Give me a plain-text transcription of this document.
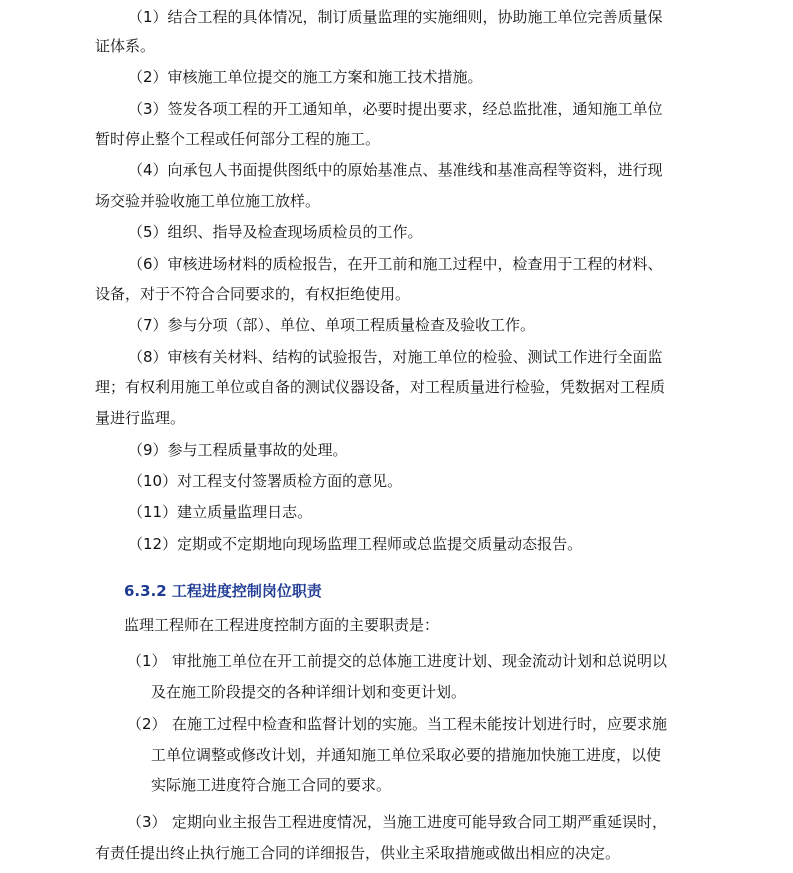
（1）结合工程的具体情况，制订质量监理的实施细则，协助施工单位完善质量保
证体系。
（2）审核施工单位提交的施工方案和施工技术措施。
（3）签发各项工程的开工通知单，必要时提出要求，经总监批准，通知施工单位
暂时停止整个工程或任何部分工程的施工。
（4）向承包人书面提供图纸中的原始基准点、基准线和基准高程等资料，进行现
场交验并验收施工单位施工放样。
（5）组织、指导及检查现场质检员的工作。
（6）审核进场材料的质检报告，在开工前和施工过程中，检查用于工程的材料、
设备，对于不符合合同要求的，有权拒绝使用。
（7）参与分项（部）、单位、单项工程质量检查及验收工作。
（8）审核有关材料、结构的试验报告，对施工单位的检验、测试工作进行全面监
理；有权利用施工单位或自备的测试仪器设备，对工程质量进行检验，凭数据对工程质
量进行监理。
（9）参与工程质量事故的处理。
（10）对工程支付签署质检方面的意见。
（11）建立质量监理日志。
（12）定期或不定期地向现场监理工程师或总监提交质量动态报告。
6.3.2 工程进度控制岗位职责
监理工程师在工程进度控制方面的主要职责是：
（1） 审批施工单位在开工前提交的总体施工进度计划、现金流动计划和总说明以
及在施工阶段提交的各种详细计划和变更计划。
（2） 在施工过程中检查和监督计划的实施。当工程未能按计划进行时，应要求施
工单位调整或修改计划，并通知施工单位采取必要的措施加快施工进度，以使
实际施工进度符合施工合同的要求。
（3） 定期向业主报告工程进度情况，当施工进度可能导致合同工期严重延误时，
有责任提出终止执行施工合同的详细报告，供业主采取措施或做出相应的决定。
